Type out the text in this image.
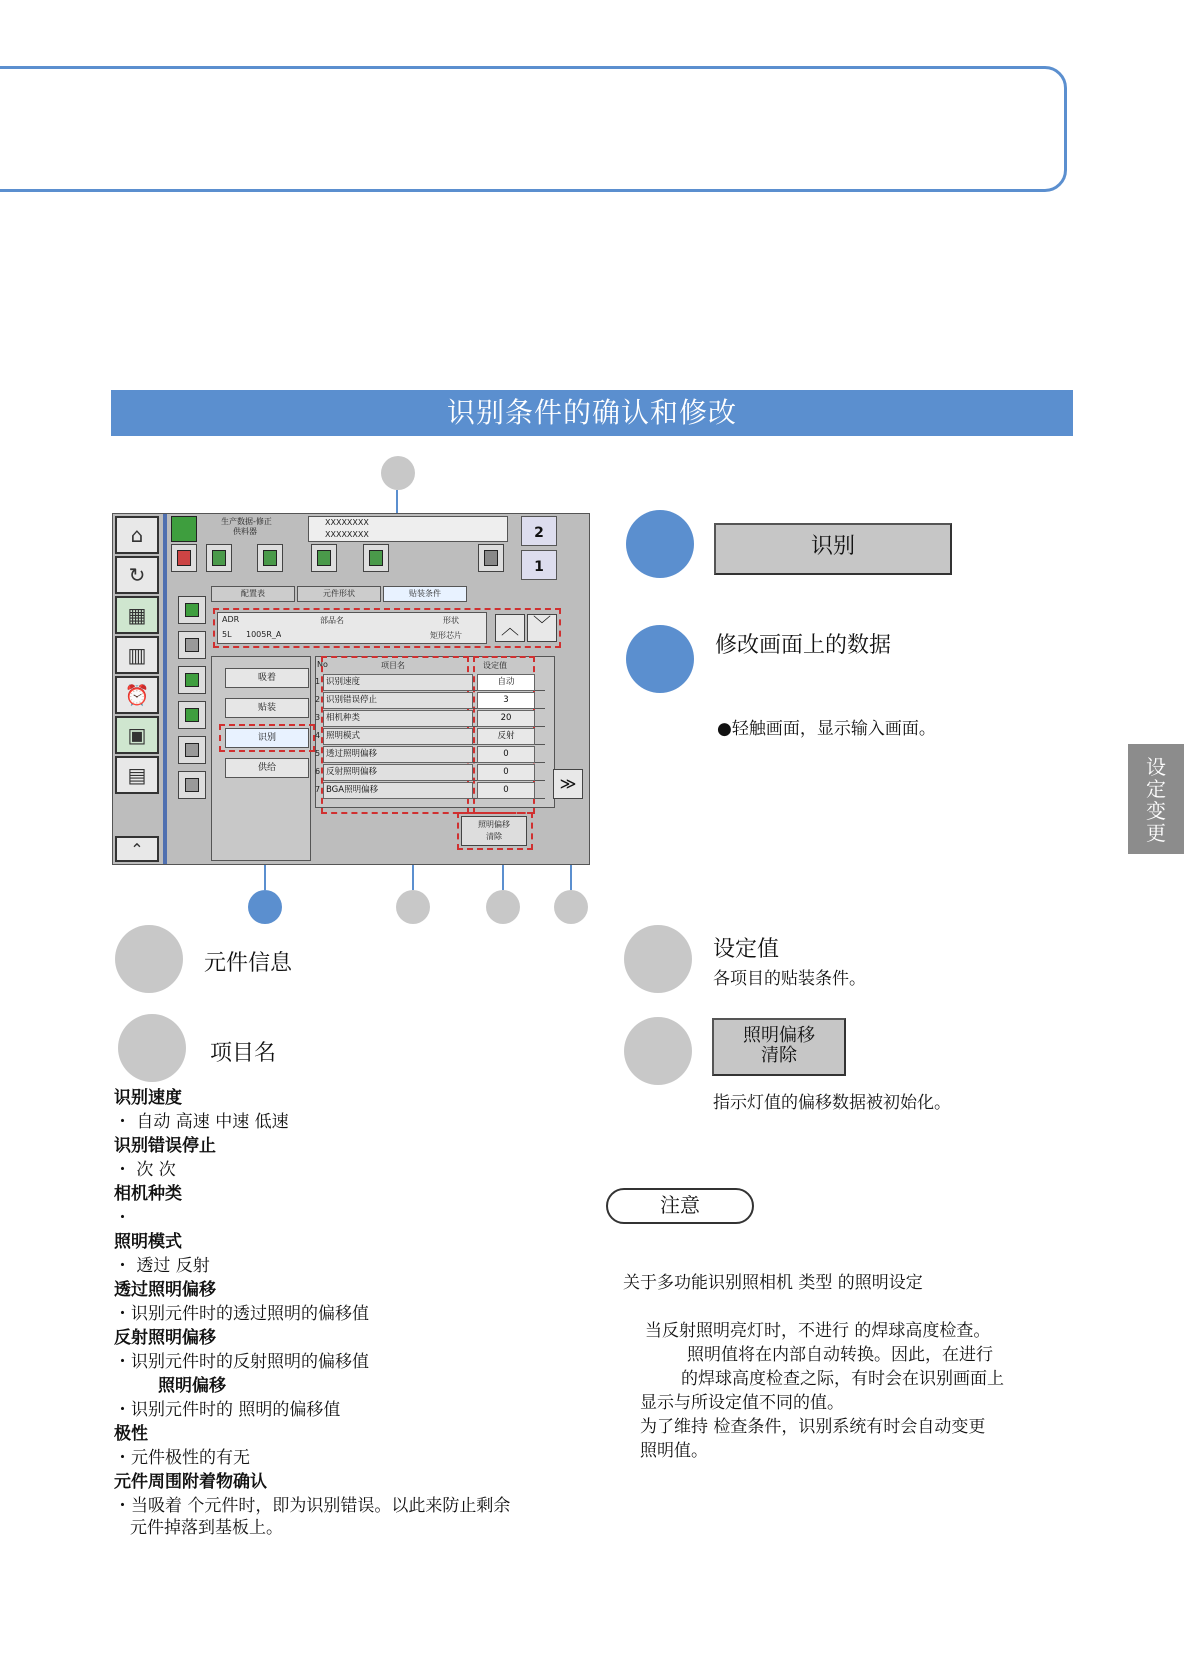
识别条件的确认和修改
设定变更
⌂
↻
▦
▥
⏰
▣
▤
⌃
生产数据-修正
供料器
XXXXXXXX
XXXXXXXX	2
1
配置表	元件形状	贴装条件
ADR	部品名	形状
5L 1005R_A	矩形芯片	︿ ﹀
吸着
贴装
识别
供给
No	项目名	设定值
≫
照明偏移
清除
1 识别速度	自动
2 识别错误停止	3
3 相机种类	20
4 照明模式	反射
5 透过照明偏移	0
6 反射照明偏移	0
7 BGA照明偏移	0
识别
修改画面上的数据
●轻触画面，显示输入画面。
设定值
各项目的贴装条件。
照明偏移
清除
指示灯值的偏移数据被初始化。
注意
关于多功能识别照相机 类型 的照明设定
当反射照明亮灯时，不进行 的焊球高度检查。
照明值将在内部自动转换。因此，在进行
的焊球高度检查之际，有时会在识别画面上
显示与所设定值不同的值。
为了维持 检查条件，识别系统有时会自动变更
照明值。
元件信息
项目名
识别速度
・ 自动 高速 中速 低速
识别错误停止
・ 次 次
相机种类
・
照明模式
・ 透过 反射
透过照明偏移
・识别元件时的透过照明的偏移值
反射照明偏移
・识别元件时的反射照明的偏移值
照明偏移
・识别元件时的 照明的偏移值
极性
・元件极性的有无
元件周围附着物确认
・当吸着 个元件时，即为识别错误。以此来防止剩余
元件掉落到基板上。
